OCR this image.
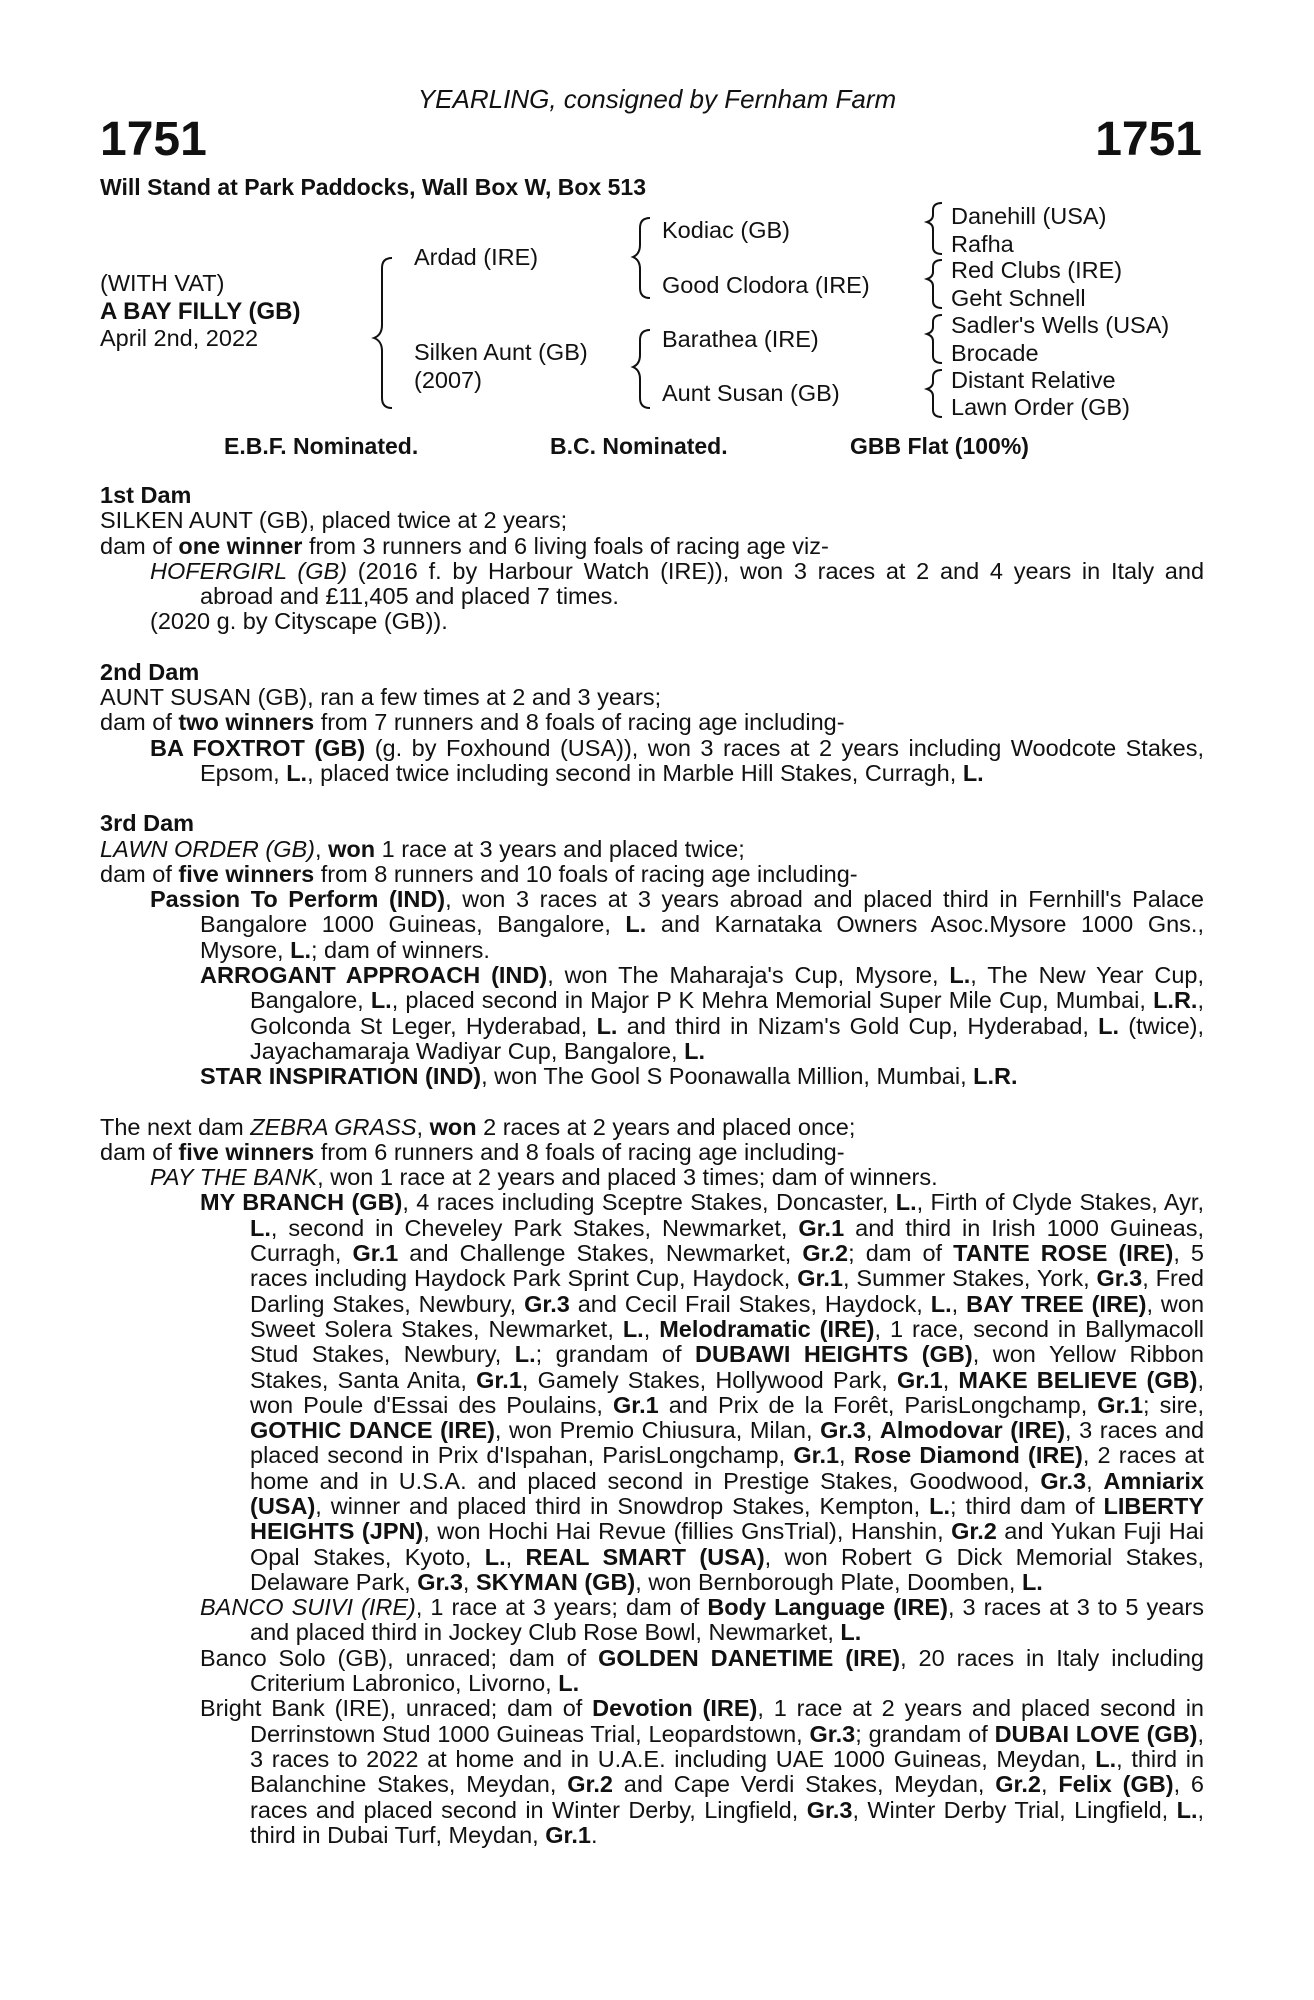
YEARLING, consigned by Fernham Farm
1751	1751
Will Stand at Park Paddocks, Wall Box W, Box 513
(WITH VAT)
A BAY FILLY (GB)
April 2nd, 2022
Ardad (IRE)
Silken Aunt (GB)
(2007)
Kodiac (GB)
Good Clodora (IRE)
Barathea (IRE)
Aunt Susan (GB)
Danehill (USA)
Rafha
Red Clubs (IRE)
Geht Schnell
Sadler's Wells (USA)
Brocade
Distant Relative
Lawn Order (GB)
E.B.F. Nominated.	B.C. Nominated.	GBB Flat (100%)
1st Dam
SILKEN AUNT (GB), placed twice at 2 years;
dam of one winner from 3 runners and 6 living foals of racing age viz-
HOFERGIRL (GB) (2016 f. by Harbour Watch (IRE)), won 3 races at 2 and 4 years in Italy and abroad and £11,405 and placed 7 times.
(2020 g. by Cityscape (GB)).
2nd Dam
AUNT SUSAN (GB), ran a few times at 2 and 3 years;
dam of two winners from 7 runners and 8 foals of racing age including-
BA FOXTROT (GB) (g. by Foxhound (USA)), won 3 races at 2 years including Woodcote Stakes, Epsom, L., placed twice including second in Marble Hill Stakes, Curragh, L.
3rd Dam
LAWN ORDER (GB), won 1 race at 3 years and placed twice;
dam of five winners from 8 runners and 10 foals of racing age including-
Passion To Perform (IND), won 3 races at 3 years abroad and placed third in Fernhill's Palace Bangalore 1000 Guineas, Bangalore, L. and Karnataka Owners Asoc.Mysore 1000 Gns., Mysore, L.; dam of winners.
ARROGANT APPROACH (IND), won The Maharaja's Cup, Mysore, L., The New Year Cup, Bangalore, L., placed second in Major P K Mehra Memorial Super Mile Cup, Mumbai, L.R., Golconda St Leger, Hyderabad, L. and third in Nizam's Gold Cup, Hyderabad, L. (twice), Jayachamaraja Wadiyar Cup, Bangalore, L.
STAR INSPIRATION (IND), won The Gool S Poonawalla Million, Mumbai, L.R.
The next dam ZEBRA GRASS, won 2 races at 2 years and placed once;
dam of five winners from 6 runners and 8 foals of racing age including-
PAY THE BANK, won 1 race at 2 years and placed 3 times; dam of winners.
MY BRANCH (GB), 4 races including Sceptre Stakes, Doncaster, L., Firth of Clyde Stakes, Ayr, L., second in Cheveley Park Stakes, Newmarket, Gr.1 and third in Irish 1000 Guineas, Curragh, Gr.1 and Challenge Stakes, Newmarket, Gr.2; dam of TANTE ROSE (IRE), 5 races including Haydock Park Sprint Cup, Haydock, Gr.1, Summer Stakes, York, Gr.3, Fred Darling Stakes, Newbury, Gr.3 and Cecil Frail Stakes, Haydock, L., BAY TREE (IRE), won Sweet Solera Stakes, Newmarket, L., Melodramatic (IRE), 1 race, second in Ballymacoll Stud Stakes, Newbury, L.; grandam of DUBAWI HEIGHTS (GB), won Yellow Ribbon Stakes, Santa Anita, Gr.1, Gamely Stakes, Hollywood Park, Gr.1, MAKE BELIEVE (GB), won Poule d'Essai des Poulains, Gr.1 and Prix de la Forêt, ParisLongchamp, Gr.1; sire, GOTHIC DANCE (IRE), won Premio Chiusura, Milan, Gr.3, Almodovar (IRE), 3 races and placed second in Prix d'Ispahan, ParisLongchamp, Gr.1, Rose Diamond (IRE), 2 races at home and in U.S.A. and placed second in Prestige Stakes, Goodwood, Gr.3, Amniarix (USA), winner and placed third in Snowdrop Stakes, Kempton, L.; third dam of LIBERTY HEIGHTS (JPN), won Hochi Hai Revue (fillies GnsTrial), Hanshin, Gr.2 and Yukan Fuji Hai Opal Stakes, Kyoto, L., REAL SMART (USA), won Robert G Dick Memorial Stakes, Delaware Park, Gr.3, SKYMAN (GB), won Bernborough Plate, Doomben, L.
BANCO SUIVI (IRE), 1 race at 3 years; dam of Body Language (IRE), 3 races at 3 to 5 years and placed third in Jockey Club Rose Bowl, Newmarket, L.
Banco Solo (GB), unraced; dam of GOLDEN DANETIME (IRE), 20 races in Italy including Criterium Labronico, Livorno, L.
Bright Bank (IRE), unraced; dam of Devotion (IRE), 1 race at 2 years and placed second in Derrinstown Stud 1000 Guineas Trial, Leopardstown, Gr.3; grandam of DUBAI LOVE (GB), 3 races to 2022 at home and in U.A.E. including UAE 1000 Guineas, Meydan, L., third in Balanchine Stakes, Meydan, Gr.2 and Cape Verdi Stakes, Meydan, Gr.2, Felix (GB), 6 races and placed second in Winter Derby, Lingfield, Gr.3, Winter Derby Trial, Lingfield, L., third in Dubai Turf, Meydan, Gr.1.
